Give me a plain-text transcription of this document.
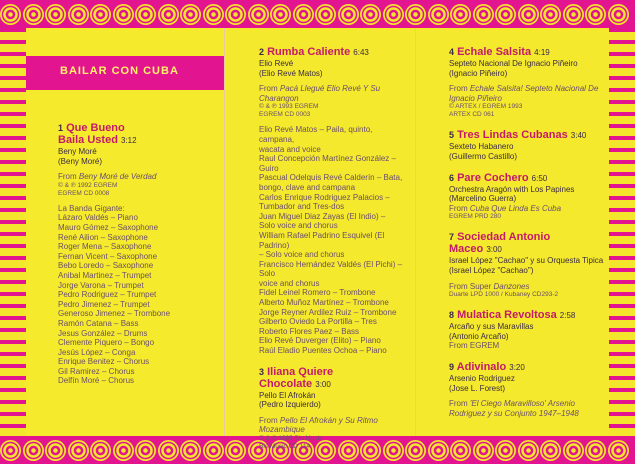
BAILAR CON CUBA

1 Que Bueno
Baila Usted 3:12

Beny Moré

(Beny Moré)

From Beny Moré de Verdad

© & ℗ 1992 EGREM

EGREM CD 0008

La Banda Gigante:

Lázaro Valdés – Piano

Mauro Gómez – Saxophone

René Ailion – Saxophone

Roger Mena – Saxophone

Fernan Vicent – Saxophone

Bebo Loredo – Saxophone

Anibal Martinez – Trumpet

Jorge Varona – Trumpet

Pedro Rodriguez – Trumpet

Pedro Jimenez – Trumpet

Generoso Jimenez – Trombone

Ramón Catana – Bass

Jesus González – Drums

Clemente Piquero – Bongo

Jesús López – Conga

Enrique Benitez – Chorus

Gil Ramirez – Chorus

Delfín Moré – Chorus

2 Rumba Caliente 6:43

Elio Revé

(Elio Revé Matos)

From Pacá Llegué Elio Revé Y Su Charangon

© & ℗ 1993 EGREM

EGREM CD 0003

Elio Revé Matos – Paila, quinto, campana,

wacata and voice

Raul Concepción Martínez González – Guiro

Pascual Odelquis Revé Calderín – Bata,

bongo, clave and campana

Carlos Enrique Rodriguez Palacios –

Tumbador and Tres-dos

Juan Miguel Diaz Zayas (El Indio) –

Solo voice and chorus

William Rafael Padrino Esquivel (El Padrino)

– Solo voice and chorus

Francisco Hernández Valdés (El Pichi) – Solo

voice and chorus

Fidel Leinel Romero – Trombone

Alberto Muñoz Martínez – Trombone

Jorge Reyner Ardilez Ruiz – Trombone

Gilberto Oviedo La Portilla – Tres

Roberto Flores Paez – Bass

Elio Revé Duverger (Elito) – Piano

Raúl Eladio Puentes Ochoa – Piano

3 Iliana Quiere
Chocolate 3:00

Pello El Afrokán

(Pedro Izquierdo)

From Pello El Afrokán y Su Ritmo Mozambique

© & ℗ 1995 Bis Music

Bis Music CD 114

4 Echale Salsita 4:19

Septeto Nacional De Ignacio Piñeiro

(Ignacio Piñeiro)

From Echale Salsita! Septeto Nacional De Ignacio Piñeiro

© ARTEX / EGREM 1993

ARTEX CD 061

5 Tres Lindas Cubanas 3:40

Sexteto Habanero

(Guillermo Castillo)

6 Pare Cochero 6:50

Orchestra Aragón with Los Papines

(Marcelino Guerra)

From Cuba Que Linda Es Cuba

EGREM PRD 280

7 Sociedad Antonio
Maceo 3:00

Israel López "Cachao" y su Orquesta Tipica

(Israel López "Cachao")

From Super Danzones

Duarte LPD 1000 / Kubaney CD293-2

8 Mulatica Revoltosa 2:58

Arcaño y sus Maravillas

(Antonio Arcaño)

From EGREM

9 Adivinalo 3:20

Arsenio Rodriguez

(Jose L. Forest)

From 'El Ciego Maravilloso' Arsenio Rodriguez y su Conjunto 1947–1948
